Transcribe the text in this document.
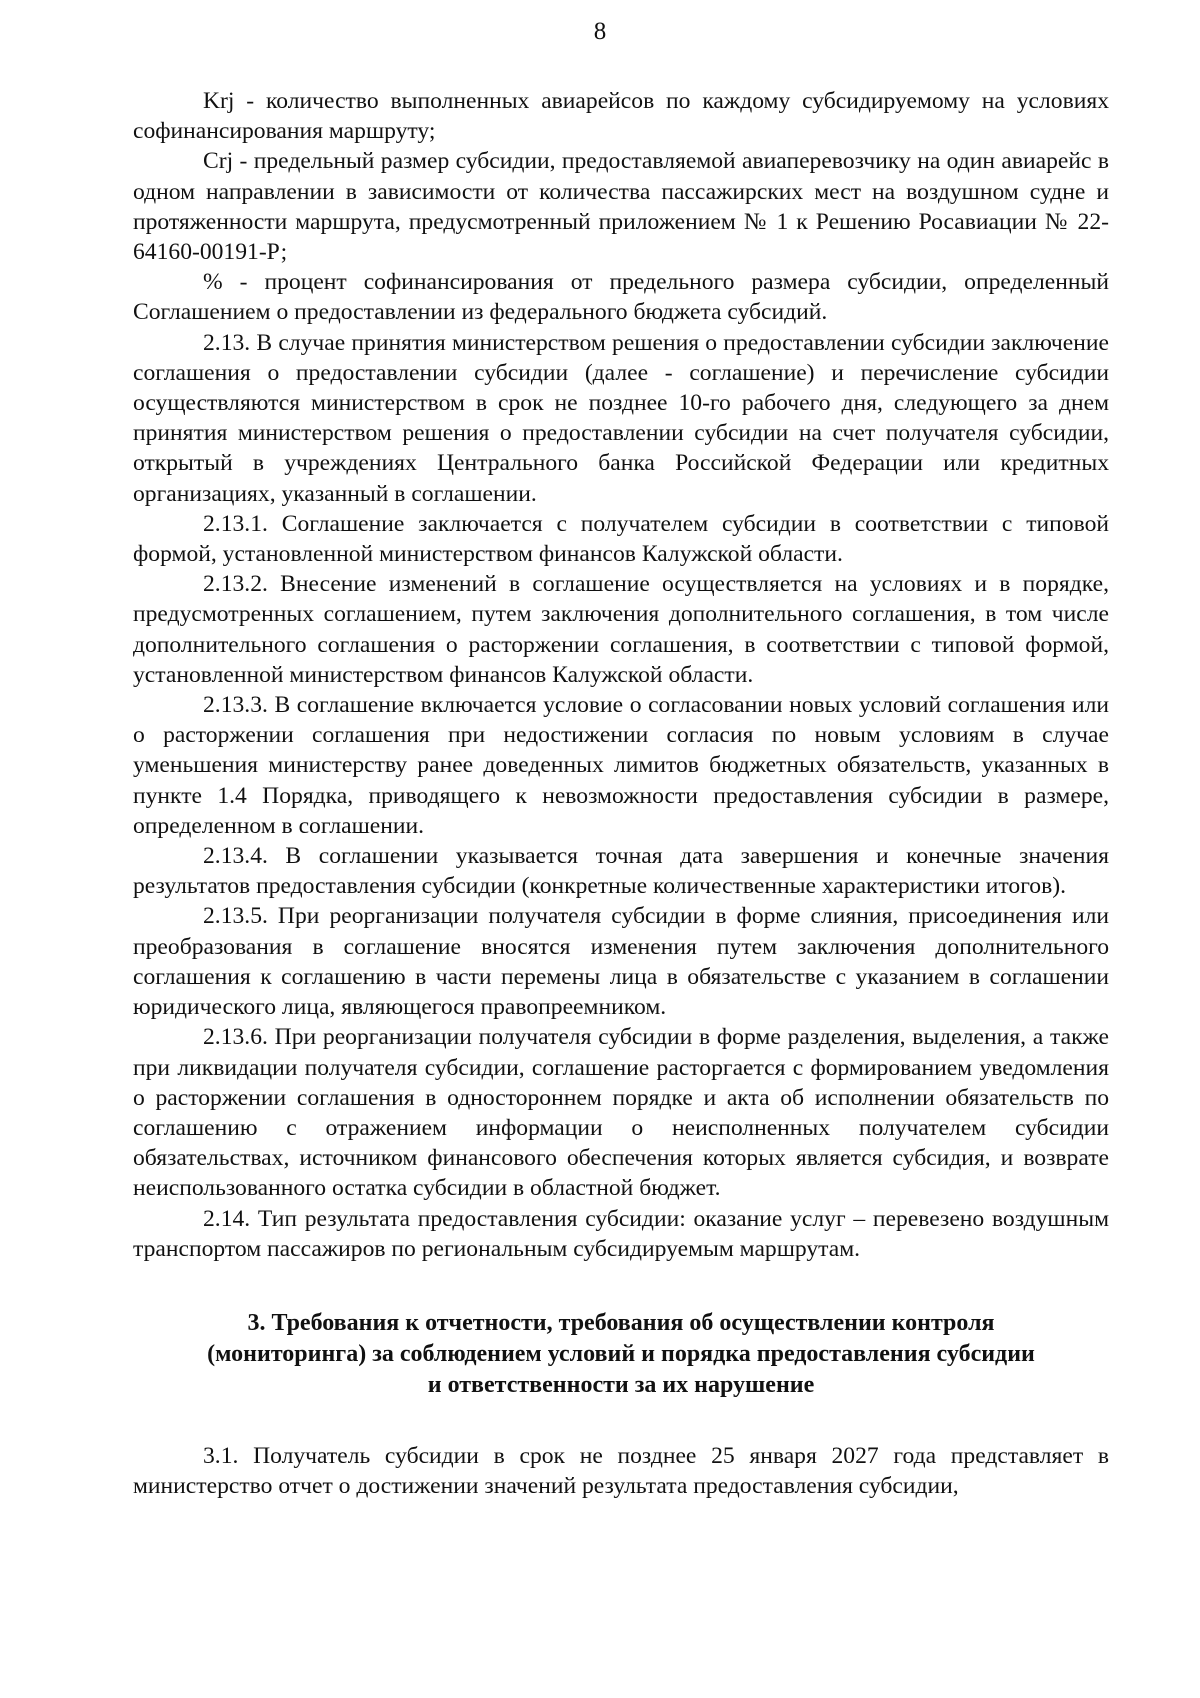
8

Krj - количество выполненных авиарейсов по каждому субсидируемому на условиях софинансирования маршруту;

Crj - предельный размер субсидии, предоставляемой авиаперевозчику на один авиарейс в одном направлении в зависимости от количества пассажирских мест на воздушном судне и протяженности маршрута, предусмотренный приложением № 1 к Решению Росавиации № 22-64160-00191-Р;

% - процент софинансирования от предельного размера субсидии, определенный Соглашением о предоставлении из федерального бюджета субсидий.

2.13. В случае принятия министерством решения о предоставлении субсидии заключение соглашения о предоставлении субсидии (далее - соглашение) и перечисление субсидии осуществляются министерством в срок не позднее 10-го рабочего дня, следующего за днем принятия министерством решения о предоставлении субсидии на счет получателя субсидии, открытый в учреждениях Центрального банка Российской Федерации или кредитных организациях, указанный в соглашении.

2.13.1. Соглашение заключается с получателем субсидии в соответствии с типовой формой, установленной министерством финансов Калужской области.

2.13.2. Внесение изменений в соглашение осуществляется на условиях и в порядке, предусмотренных соглашением, путем заключения дополнительного соглашения, в том числе дополнительного соглашения о расторжении соглашения, в соответствии с типовой формой, установленной министерством финансов Калужской области.

2.13.3. В соглашение включается условие о согласовании новых условий соглашения или о расторжении соглашения при недостижении согласия по новым условиям в случае уменьшения министерству ранее доведенных лимитов бюджетных обязательств, указанных в пункте 1.4 Порядка, приводящего к невозможности предоставления субсидии в размере, определенном в соглашении.

2.13.4. В соглашении указывается точная дата завершения и конечные значения результатов предоставления субсидии (конкретные количественные характеристики итогов).

2.13.5. При реорганизации получателя субсидии в форме слияния, присоединения или преобразования в соглашение вносятся изменения путем заключения дополнительного соглашения к соглашению в части перемены лица в обязательстве с указанием в соглашении юридического лица, являющегося правопреемником.

2.13.6. При реорганизации получателя субсидии в форме разделения, выделения, а также при ликвидации получателя субсидии, соглашение расторгается с формированием уведомления о расторжении соглашения в одностороннем порядке и акта об исполнении обязательств по соглашению с отражением информации о неисполненных получателем субсидии обязательствах, источником финансового обеспечения которых является субсидия, и возврате неиспользованного остатка субсидии в областной бюджет.

2.14. Тип результата предоставления субсидии: оказание услуг – перевезено воздушным транспортом пассажиров по региональным субсидируемым маршрутам.

3. Требования к отчетности, требования об осуществлении контроля
(мониторинга) за соблюдением условий и порядка предоставления субсидии
и ответственности за их нарушение

3.1. Получатель субсидии в срок не позднее 25 января 2027 года представляет в министерство отчет о достижении значений результата предоставления субсидии,
